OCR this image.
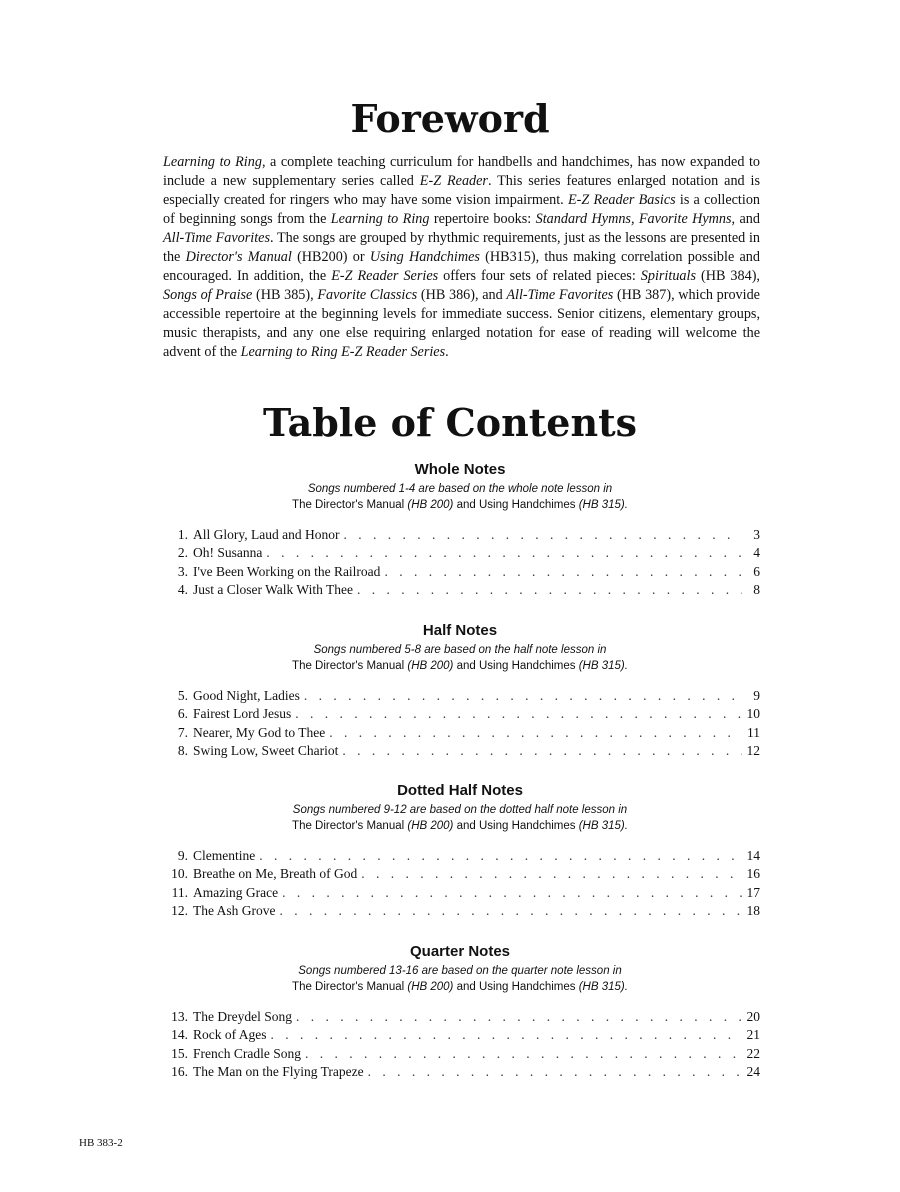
Foreword

Learning to Ring, a complete teaching curriculum for handbells and handchimes, has now expanded to include a new supplementary series called E-Z Reader. This series features enlarged notation and is especially created for ringers who may have some vision impairment. E-Z Reader Basics is a collection of beginning songs from the Learning to Ring repertoire books: Standard Hymns, Favorite Hymns, and All-Time Favorites. The songs are grouped by rhythmic requirements, just as the lessons are presented in the Director's Manual (HB200) or Using Handchimes (HB315), thus making correlation possible and encouraged. In addition, the E-Z Reader Series offers four sets of related pieces: Spirituals (HB 384), Songs of Praise (HB 385), Favorite Classics (HB 386), and All-Time Favorites (HB 387), which provide accessible repertoire at the beginning levels for immediate success. Senior citizens, elementary groups, music therapists, and any one else requiring enlarged notation for ease of reading will welcome the advent of the Learning to Ring E-Z Reader Series.

Table of Contents
Whole Notes
Songs numbered 1-4 are based on the whole note lesson in
The Director's Manual (HB 200) and Using Handchimes (HB 315).
1. All Glory, Laud and Honor . . .	3
2. Oh! Susanna . . .	4
3. I've Been Working on the Railroad . . .	6
4. Just a Closer Walk With Thee . . .	8
Half Notes
Songs numbered 5-8 are based on the half note lesson in
The Director's Manual (HB 200) and Using Handchimes (HB 315).
5. Good Night, Ladies . . .	9
6. Fairest Lord Jesus . . .	10
7. Nearer, My God to Thee . . .	11
8. Swing Low, Sweet Chariot . . .	12
Dotted Half Notes
Songs numbered 9-12 are based on the dotted half note lesson in
The Director's Manual (HB 200) and Using Handchimes (HB 315).
9. Clementine . . .	14
10. Breathe on Me, Breath of God . . .	16
11. Amazing Grace . . .	17
12. The Ash Grove . . .	18
Quarter Notes
Songs numbered 13-16 are based on the quarter note lesson in
The Director's Manual (HB 200) and Using Handchimes (HB 315).
13. The Dreydel Song . . .	20
14. Rock of Ages . . .	21
15. French Cradle Song . . .	22
16. The Man on the Flying Trapeze . . .	24
HB 383-2
